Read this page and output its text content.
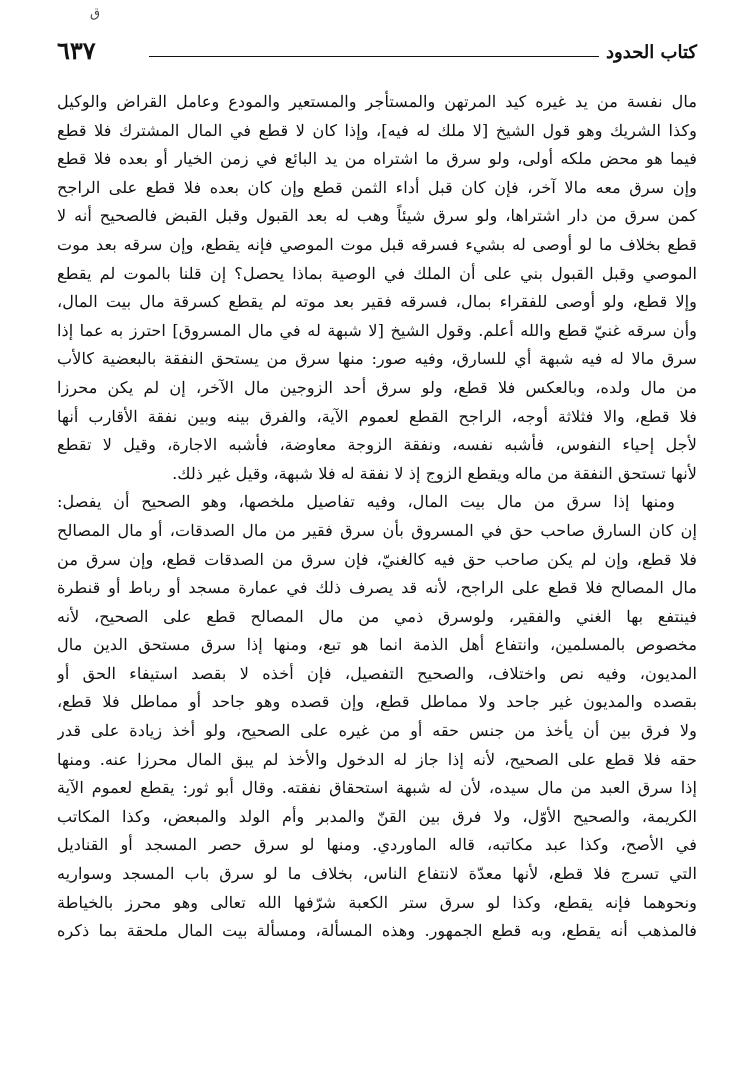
ق
كتاب الحدود
٦٣٧
مال نفسة من يد غيره كيد المرتهن والمستأجر والمستعير والمودع وعامل القراض والوكيل
وكذا الشريك وهو قول الشيخ [لا ملك له فيه]، وإذا كان لا قطع في المال المشترك فلا قطع
فيما هو محض ملكه أولى، ولو سرق ما اشتراه من يد البائع في زمن الخيار أو بعده فلا قطع
وإن سرق معه مالا آخر، فإن كان قبل أداء الثمن قطع وإن كان بعده فلا قطع على الراجح
كمن سرق من دار اشتراها، ولو سرق شيئاً وهب له بعد القبول وقبل القبض فالصحيح أنه لا
قطع بخلاف ما لو أوصى له بشيء فسرقه قبل موت الموصي فإنه يقطع، وإن سرقه بعد موت
الموصي وقبل القبول بني على أن الملك في الوصية بماذا يحصل؟ إن قلنا بالموت لم يقطع
وإلا قطع، ولو أوصى للفقراء بمال، فسرقه فقير بعد موته لم يقطع كسرقة مال بيت المال،
وأن سرقه غنيّ قطع والله أعلم. وقول الشيخ [لا شبهة له في مال المسروق] احترز به عما إذا
سرق مالا له فيه شبهة أي للسارق، وفيه صور: منها سرق من يستحق النفقة بالبعضية كالأب
من مال ولده، وبالعكس فلا قطع، ولو سرق أحد الزوجين مال الآخر، إن لم يكن محرزا
فلا قطع، والا فثلاثة أوجه، الراجح القطع لعموم الآية، والفرق بينه وبين نفقة الأقارب أنها
لأجل إحياء النفوس، فأشبه نفسه، ونفقة الزوجة معاوضة، فأشبه الاجارة، وقيل لا تقطع
لأنها تستحق النفقة من ماله ويقطع الزوج إذ لا نفقة له فلا شبهة، وقيل غير ذلك.
ومنها إذا سرق من مال بيت المال، وفيه تفاصيل ملخصها، وهو الصحيح أن يفصل:
إن كان السارق صاحب حق في المسروق بأن سرق فقير من مال الصدقات، أو مال المصالح
فلا قطع، وإن لم يكن صاحب حق فيه كالغنيّ، فإن سرق من الصدقات قطع، وإن سرق من
مال المصالح فلا قطع على الراجح، لأنه قد يصرف ذلك في عمارة مسجد أو رباط أو قنطرة
فينتفع بها الغني والفقير، ولوسرق ذمي من مال المصالح قطع على الصحيح، لأنه
مخصوص بالمسلمين، وانتفاع أهل الذمة انما هو تبع، ومنها إذا سرق مستحق الدين مال
المديون، وفيه نص واختلاف، والصحيح التفصيل، فإن أخذه لا بقصد استيفاء الحق أو
بقصده والمديون غير جاحد ولا مماطل قطع، وإن قصده وهو جاحد أو مماطل فلا قطع،
ولا فرق بين أن يأخذ من جنس حقه أو من غيره على الصحيح، ولو أخذ زيادة على قدر
حقه فلا قطع على الصحيح، لأنه إذا جاز له الدخول والأخذ لم يبق المال محرزا عنه. ومنها
إذا سرق العبد من مال سيده، لأن له شبهة استحقاق نفقته. وقال أبو ثور: يقطع لعموم الآية
الكريمة، والصحيح الأوّل، ولا فرق بين القنّ والمدبر وأم الولد والمبعض، وكذا المكاتب
في الأصح، وكذا عبد مكاتبه، قاله الماوردي. ومنها لو سرق حصر المسجد أو القناديل
التي تسرج فلا قطع، لأنها معدّة لانتفاع الناس، بخلاف ما لو سرق باب المسجد وسواريه
ونحوهما فإنه يقطع، وكذا لو سرق ستر الكعبة شرّفها الله تعالى وهو محرز بالخياطة
فالمذهب أنه يقطع، وبه قطع الجمهور. وهذه المسألة، ومسألة بيت المال ملحقة بما ذكره
